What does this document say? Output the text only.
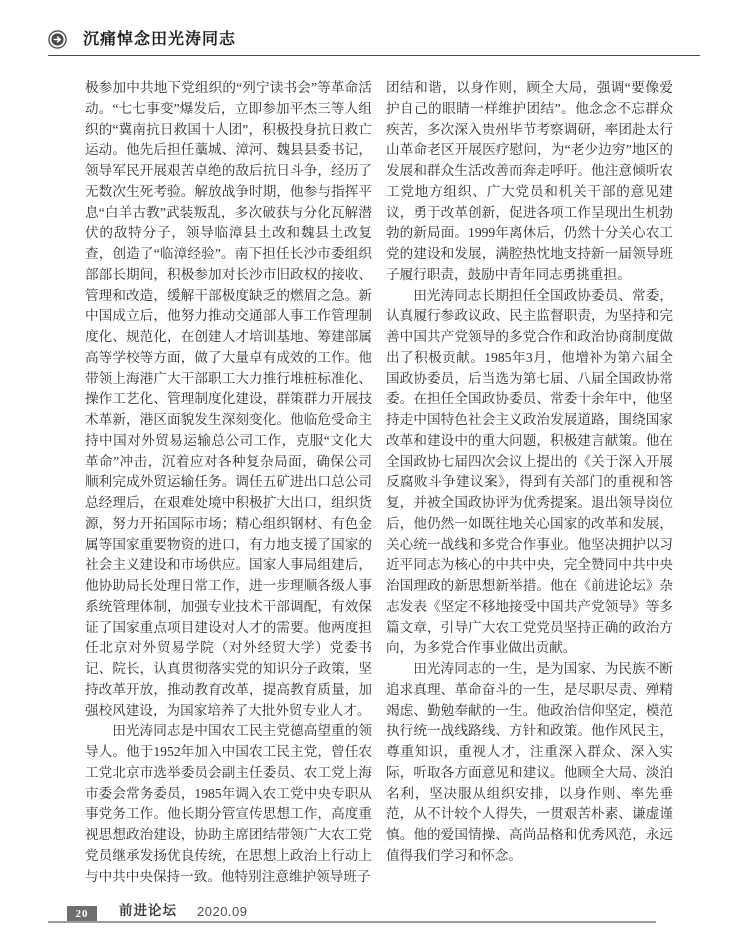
沉痛悼念田光涛同志

极参加中共地下党组织的“列宁读书会”等革命活动。“七七事变”爆发后，立即参加平杰三等人组织的“冀南抗日救国十人团”，积极投身抗日救亡运动。他先后担任藁城、漳河、魏县县委书记，领导军民开展艰苦卓绝的敌后抗日斗争，经历了无数次生死考验。解放战争时期，他参与指挥平息“白羊古教”武装叛乱，多次破获与分化瓦解潜伏的敌特分子，领导临漳县土改和魏县土改复查，创造了“临漳经验”。南下担任长沙市委组织部部长期间，积极参加对长沙市旧政权的接收、管理和改造，缓解干部极度缺乏的燃眉之急。新中国成立后，他努力推动交通部人事工作管理制度化、规范化，在创建人才培训基地、筹建部属高等学校等方面，做了大量卓有成效的工作。他带领上海港广大干部职工大力推行堆桩标准化、操作工艺化、管理制度化建设，群策群力开展技术革新，港区面貌发生深刻变化。他临危受命主持中国对外贸易运输总公司工作，克服“文化大革命”冲击，沉着应对各种复杂局面，确保公司顺利完成外贸运输任务。调任五矿进出口总公司总经理后，在艰难处境中积极扩大出口，组织货源，努力开拓国际市场；精心组织钢材、有色金属等国家重要物资的进口，有力地支援了国家的社会主义建设和市场供应。国家人事局组建后，他协助局长处理日常工作，进一步理顺各级人事系统管理体制，加强专业技术干部调配，有效保证了国家重点项目建设对人才的需要。他两度担任北京对外贸易学院（对外经贸大学）党委书记、院长，认真贯彻落实党的知识分子政策，坚持改革开放，推动教育改革，提高教育质量，加强校风建设，为国家培养了大批外贸专业人才。

田光涛同志是中国农工民主党德高望重的领导人。他于1952年加入中国农工民主党，曾任农工党北京市选举委员会副主任委员、农工党上海市委会常务委员，1985年调入农工党中央专职从事党务工作。他长期分管宣传思想工作，高度重视思想政治建设，协助主席团结带领广大农工党党员继承发扬优良传统，在思想上政治上行动上与中共中央保持一致。他特别注意维护领导班子

团结和谐，以身作则，顾全大局，强调“要像爱护自己的眼睛一样维护团结”。他念念不忘群众疾苦，多次深入贵州毕节考察调研，率团赴太行山革命老区开展医疗慰问，为“老少边穷”地区的发展和群众生活改善而奔走呼吁。他注意倾听农工党地方组织、广大党员和机关干部的意见建议，勇于改革创新，促进各项工作呈现出生机勃勃的新局面。1999年离休后，仍然十分关心农工党的建设和发展，满腔热忱地支持新一届领导班子履行职责，鼓励中青年同志勇挑重担。

田光涛同志长期担任全国政协委员、常委，认真履行参政议政、民主监督职责，为坚持和完善中国共产党领导的多党合作和政治协商制度做出了积极贡献。1985年3月，他增补为第六届全国政协委员，后当选为第七届、八届全国政协常委。在担任全国政协委员、常委十余年中，他坚持走中国特色社会主义政治发展道路，围绕国家改革和建设中的重大问题，积极建言献策。他在全国政协七届四次会议上提出的《关于深入开展反腐败斗争建议案》，得到有关部门的重视和答复，并被全国政协评为优秀提案。退出领导岗位后，他仍然一如既往地关心国家的改革和发展，关心统一战线和多党合作事业。他坚决拥护以习近平同志为核心的中共中央，完全赞同中共中央治国理政的新思想新举措。他在《前进论坛》杂志发表《坚定不移地接受中国共产党领导》等多篇文章，引导广大农工党党员坚持正确的政治方向，为多党合作事业做出贡献。

田光涛同志的一生，是为国家、为民族不断追求真理、革命奋斗的一生，是尽职尽责、殚精竭虑、勤勉奉献的一生。他政治信仰坚定，模范执行统一战线路线、方针和政策。他作风民主，尊重知识，重视人才，注重深入群众、深入实际，听取各方面意见和建议。他顾全大局、淡泊名利，坚决服从组织安排，以身作则、率先垂范，从不计较个人得失，一贯艰苦朴素、谦虚谨慎。他的爱国情操、高尚品格和优秀风范，永远值得我们学习和怀念。

20	前进论坛 2020.09
